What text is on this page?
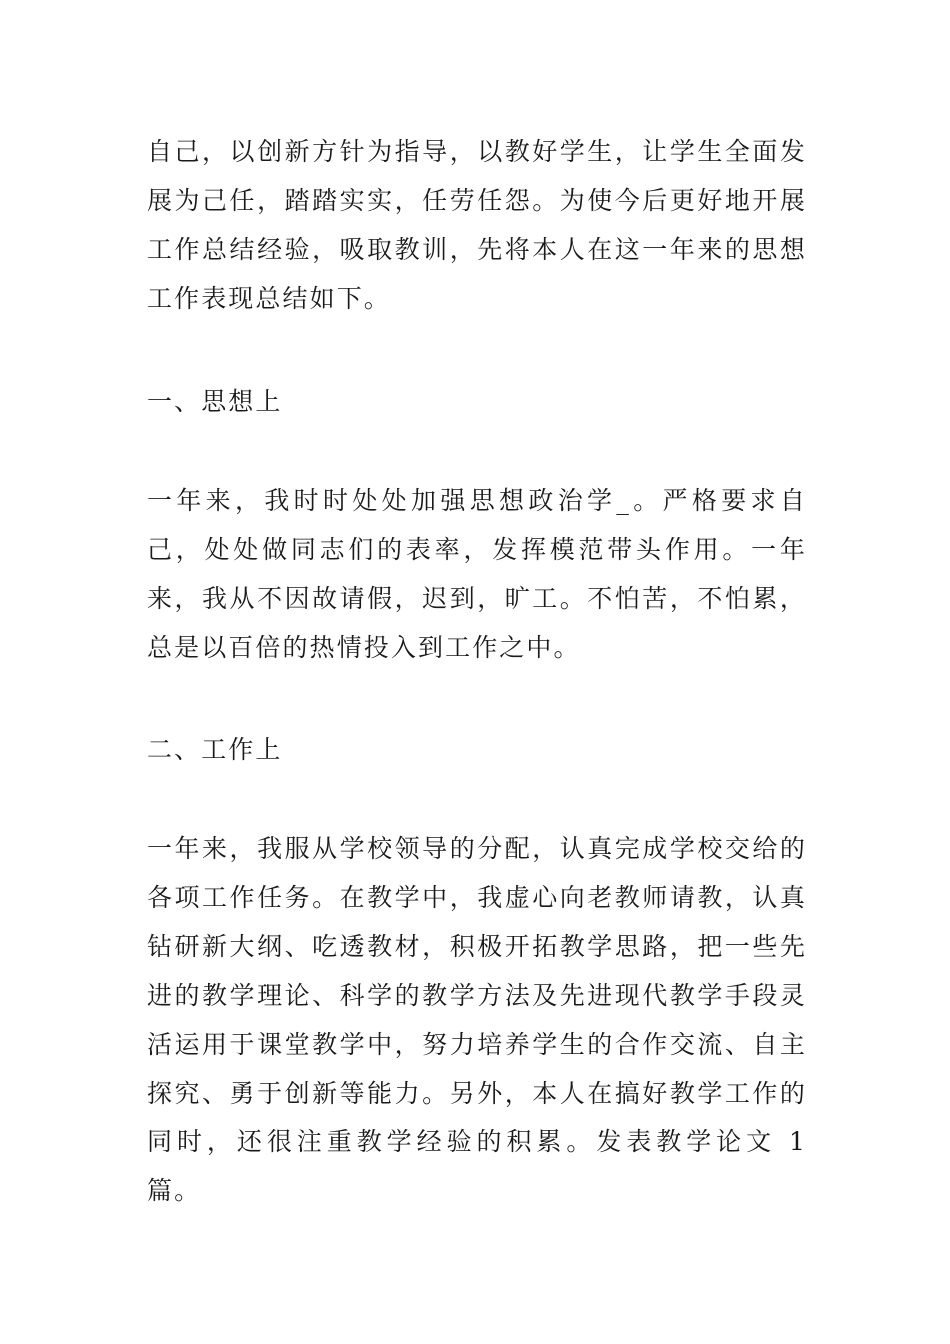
自己，以创新方针为指导，以教好学生，让学生全面发展为己任，踏踏实实，任劳任怨。为使今后更好地开展工作总结经验，吸取教训，先将本人在这一年来的思想工作表现总结如下。

一、思想上

一年来，我时时处处加强思想政治学_。严格要求自己，处处做同志们的表率，发挥模范带头作用。一年来，我从不因故请假，迟到，旷工。不怕苦，不怕累，总是以百倍的热情投入到工作之中。

二、工作上

一年来，我服从学校领导的分配，认真完成学校交给的各项工作任务。在教学中，我虚心向老教师请教，认真钻研新大纲、吃透教材，积极开拓教学思路，把一些先进的教学理论、科学的教学方法及先进现代教学手段灵活运用于课堂教学中，努力培养学生的合作交流、自主探究、勇于创新等能力。另外，本人在搞好教学工作的同时，还很注重教学经验的积累。发表教学论文 1 篇。
